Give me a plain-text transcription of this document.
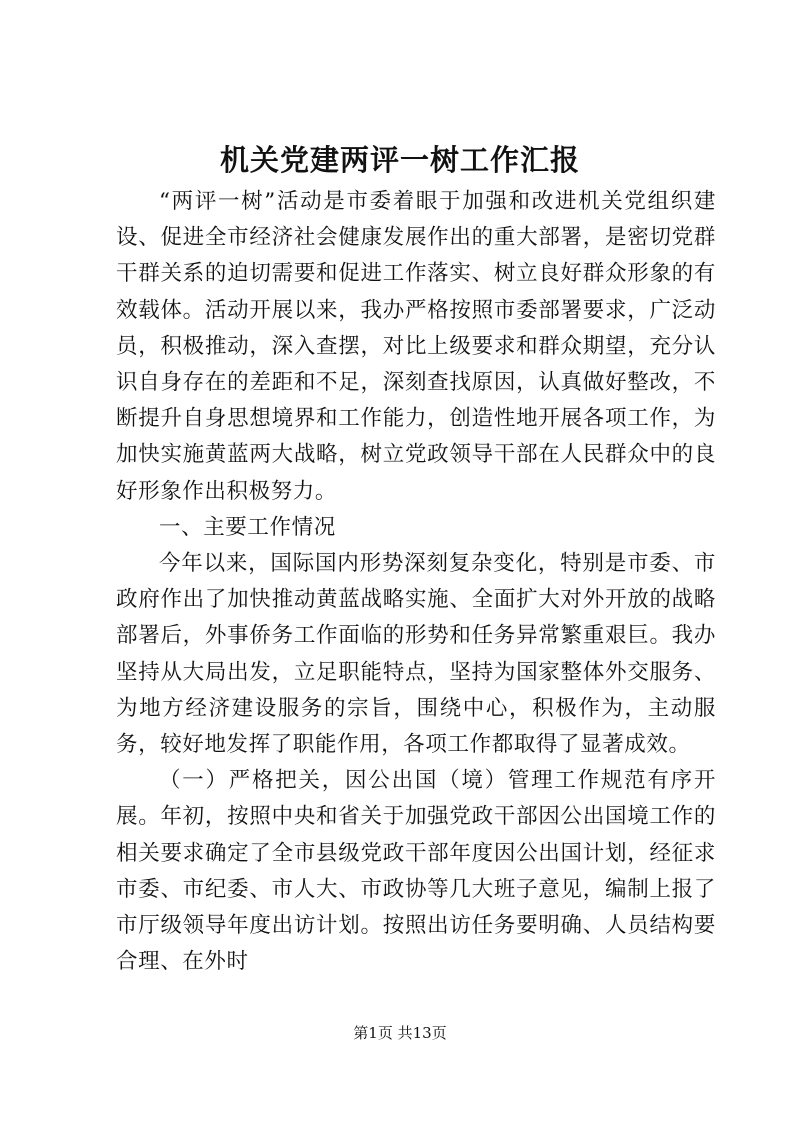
机关党建两评一树工作汇报

“两评一树”活动是市委着眼于加强和改进机关党组织建设、促进全市经济社会健康发展作出的重大部署，是密切党群干群关系的迫切需要和促进工作落实、树立良好群众形象的有效载体。活动开展以来，我办严格按照市委部署要求，广泛动员，积极推动，深入查摆，对比上级要求和群众期望，充分认识自身存在的差距和不足，深刻查找原因，认真做好整改，不断提升自身思想境界和工作能力，创造性地开展各项工作，为加快实施黄蓝两大战略，树立党政领导干部在人民群众中的良好形象作出积极努力。

一、主要工作情况

今年以来，国际国内形势深刻复杂变化，特别是市委、市政府作出了加快推动黄蓝战略实施、全面扩大对外开放的战略部署后，外事侨务工作面临的形势和任务异常繁重艰巨。我办坚持从大局出发，立足职能特点，坚持为国家整体外交服务、为地方经济建设服务的宗旨，围绕中心，积极作为，主动服务，较好地发挥了职能作用，各项工作都取得了显著成效。

（一）严格把关，因公出国（境）管理工作规范有序开展。年初，按照中央和省关于加强党政干部因公出国境工作的相关要求确定了全市县级党政干部年度因公出国计划，经征求市委、市纪委、市人大、市政协等几大班子意见，编制上报了市厅级领导年度出访计划。按照出访任务要明确、人员结构要合理、在外时

第1页 共13页
